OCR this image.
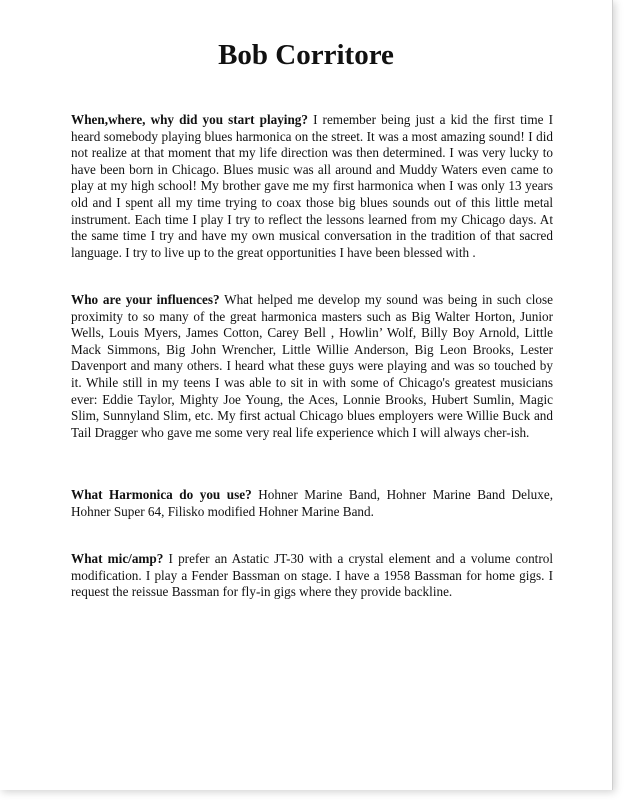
Bob Corritore

When,where, why did you start playing? I remember being just a kid the first time I heard somebody playing blues harmonica on the street. It was a most amazing sound! I did not realize at that moment that my life direction was then determined. I was very lucky to have been born in Chicago. Blues music was all around and Muddy Waters even came to play at my high school! My brother gave me my first harmonica when I was only 13 years old and I spent all my time trying to coax those big blues sounds out of this little metal instrument. Each time I play I try to reflect the lessons learned from my Chicago days. At the same time I try and have my own musical conversation in the tradition of that sacred language. I try to live up to the great opportunities I have been blessed with .

Who are your influences? What helped me develop my sound was being in such close proximity to so many of the great harmonica masters such as Big Walter Horton, Junior Wells, Louis Myers, James Cotton, Carey Bell , Howlin’ Wolf, Billy Boy Arnold, Little Mack Simmons, Big John Wrencher, Little Willie Anderson, Big Leon Brooks, Lester Davenport and many others. I heard what these guys were playing and was so touched by it. While still in my teens I was able to sit in with some of Chicago's greatest musicians ever: Eddie Taylor, Mighty Joe Young, the Aces, Lonnie Brooks, Hubert Sumlin, Magic Slim, Sunnyland Slim, etc. My first actual Chicago blues employers were Willie Buck and Tail Dragger who gave me some very real life experience which I will always cher-ish.

What Harmonica do you use? Hohner Marine Band, Hohner Marine Band Deluxe, Hohner Super 64, Filisko modified Hohner Marine Band.

What mic/amp? I prefer an Astatic JT-30 with a crystal element and a volume control modification. I play a Fender Bassman on stage. I have a 1958 Bassman for home gigs. I request the reissue Bassman for fly-in gigs where they provide backline.
